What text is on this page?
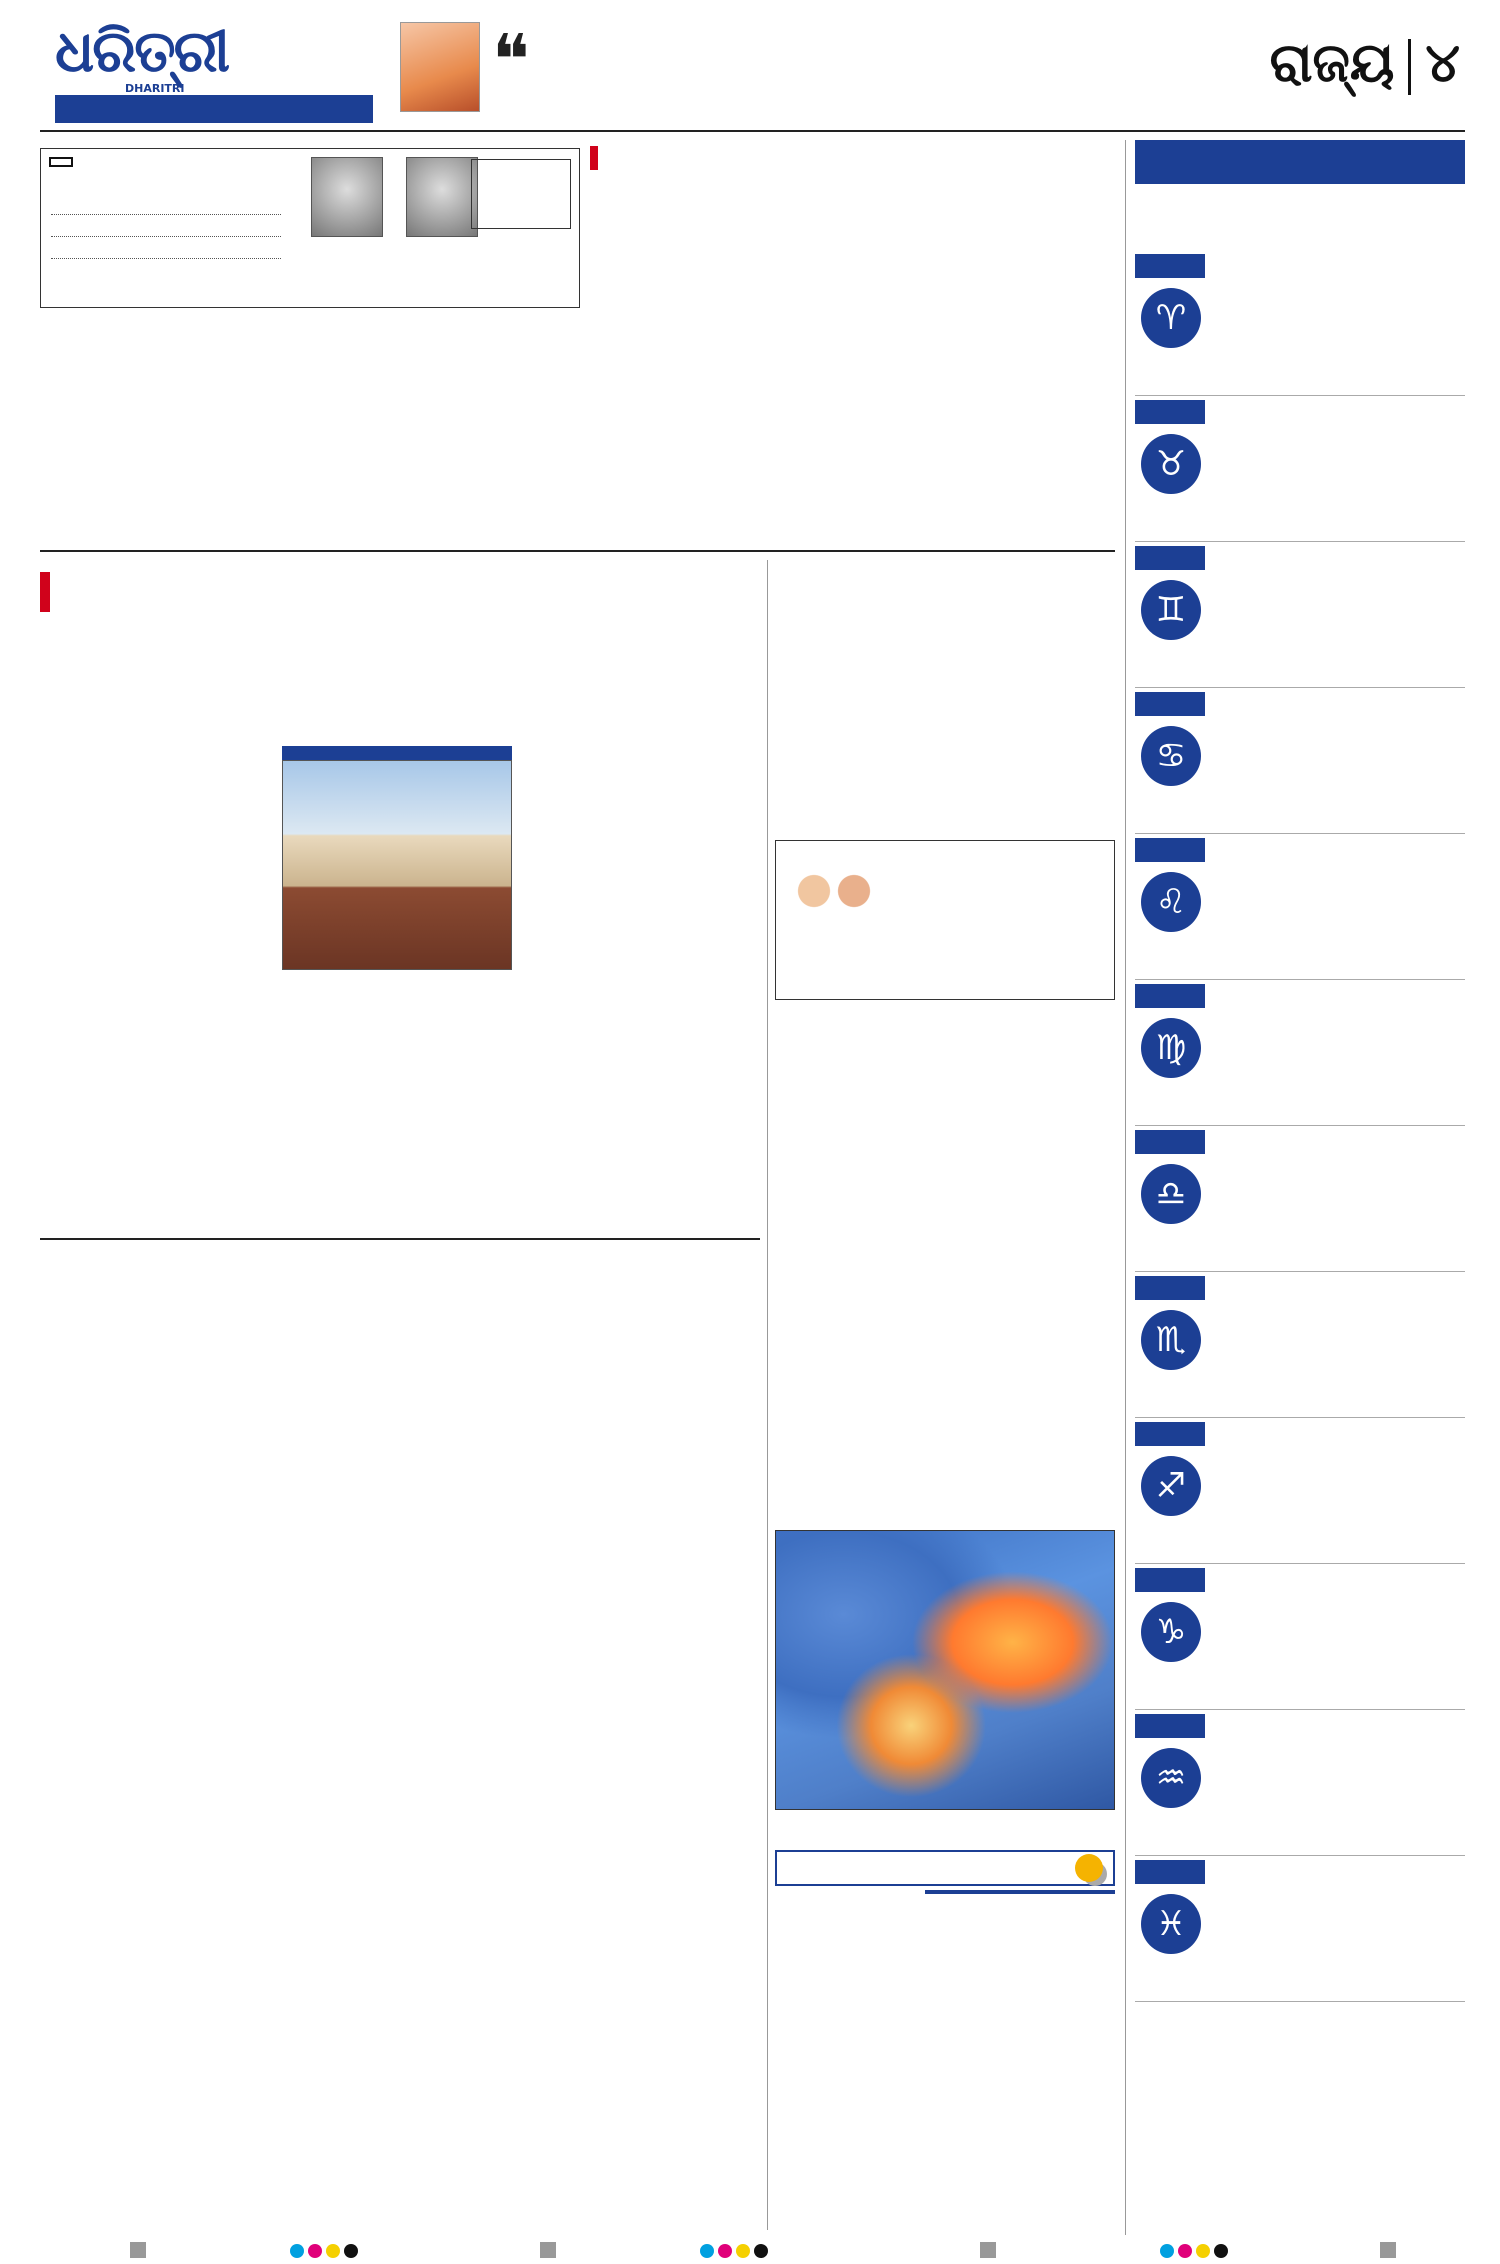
ଧରିତ୍ରୀ
DHARITRI	❝	ରାଜ୍ୟ ୪

♈
♉
♊
♋
♌
♍
♎
♏
♐
♑
♒
♓
